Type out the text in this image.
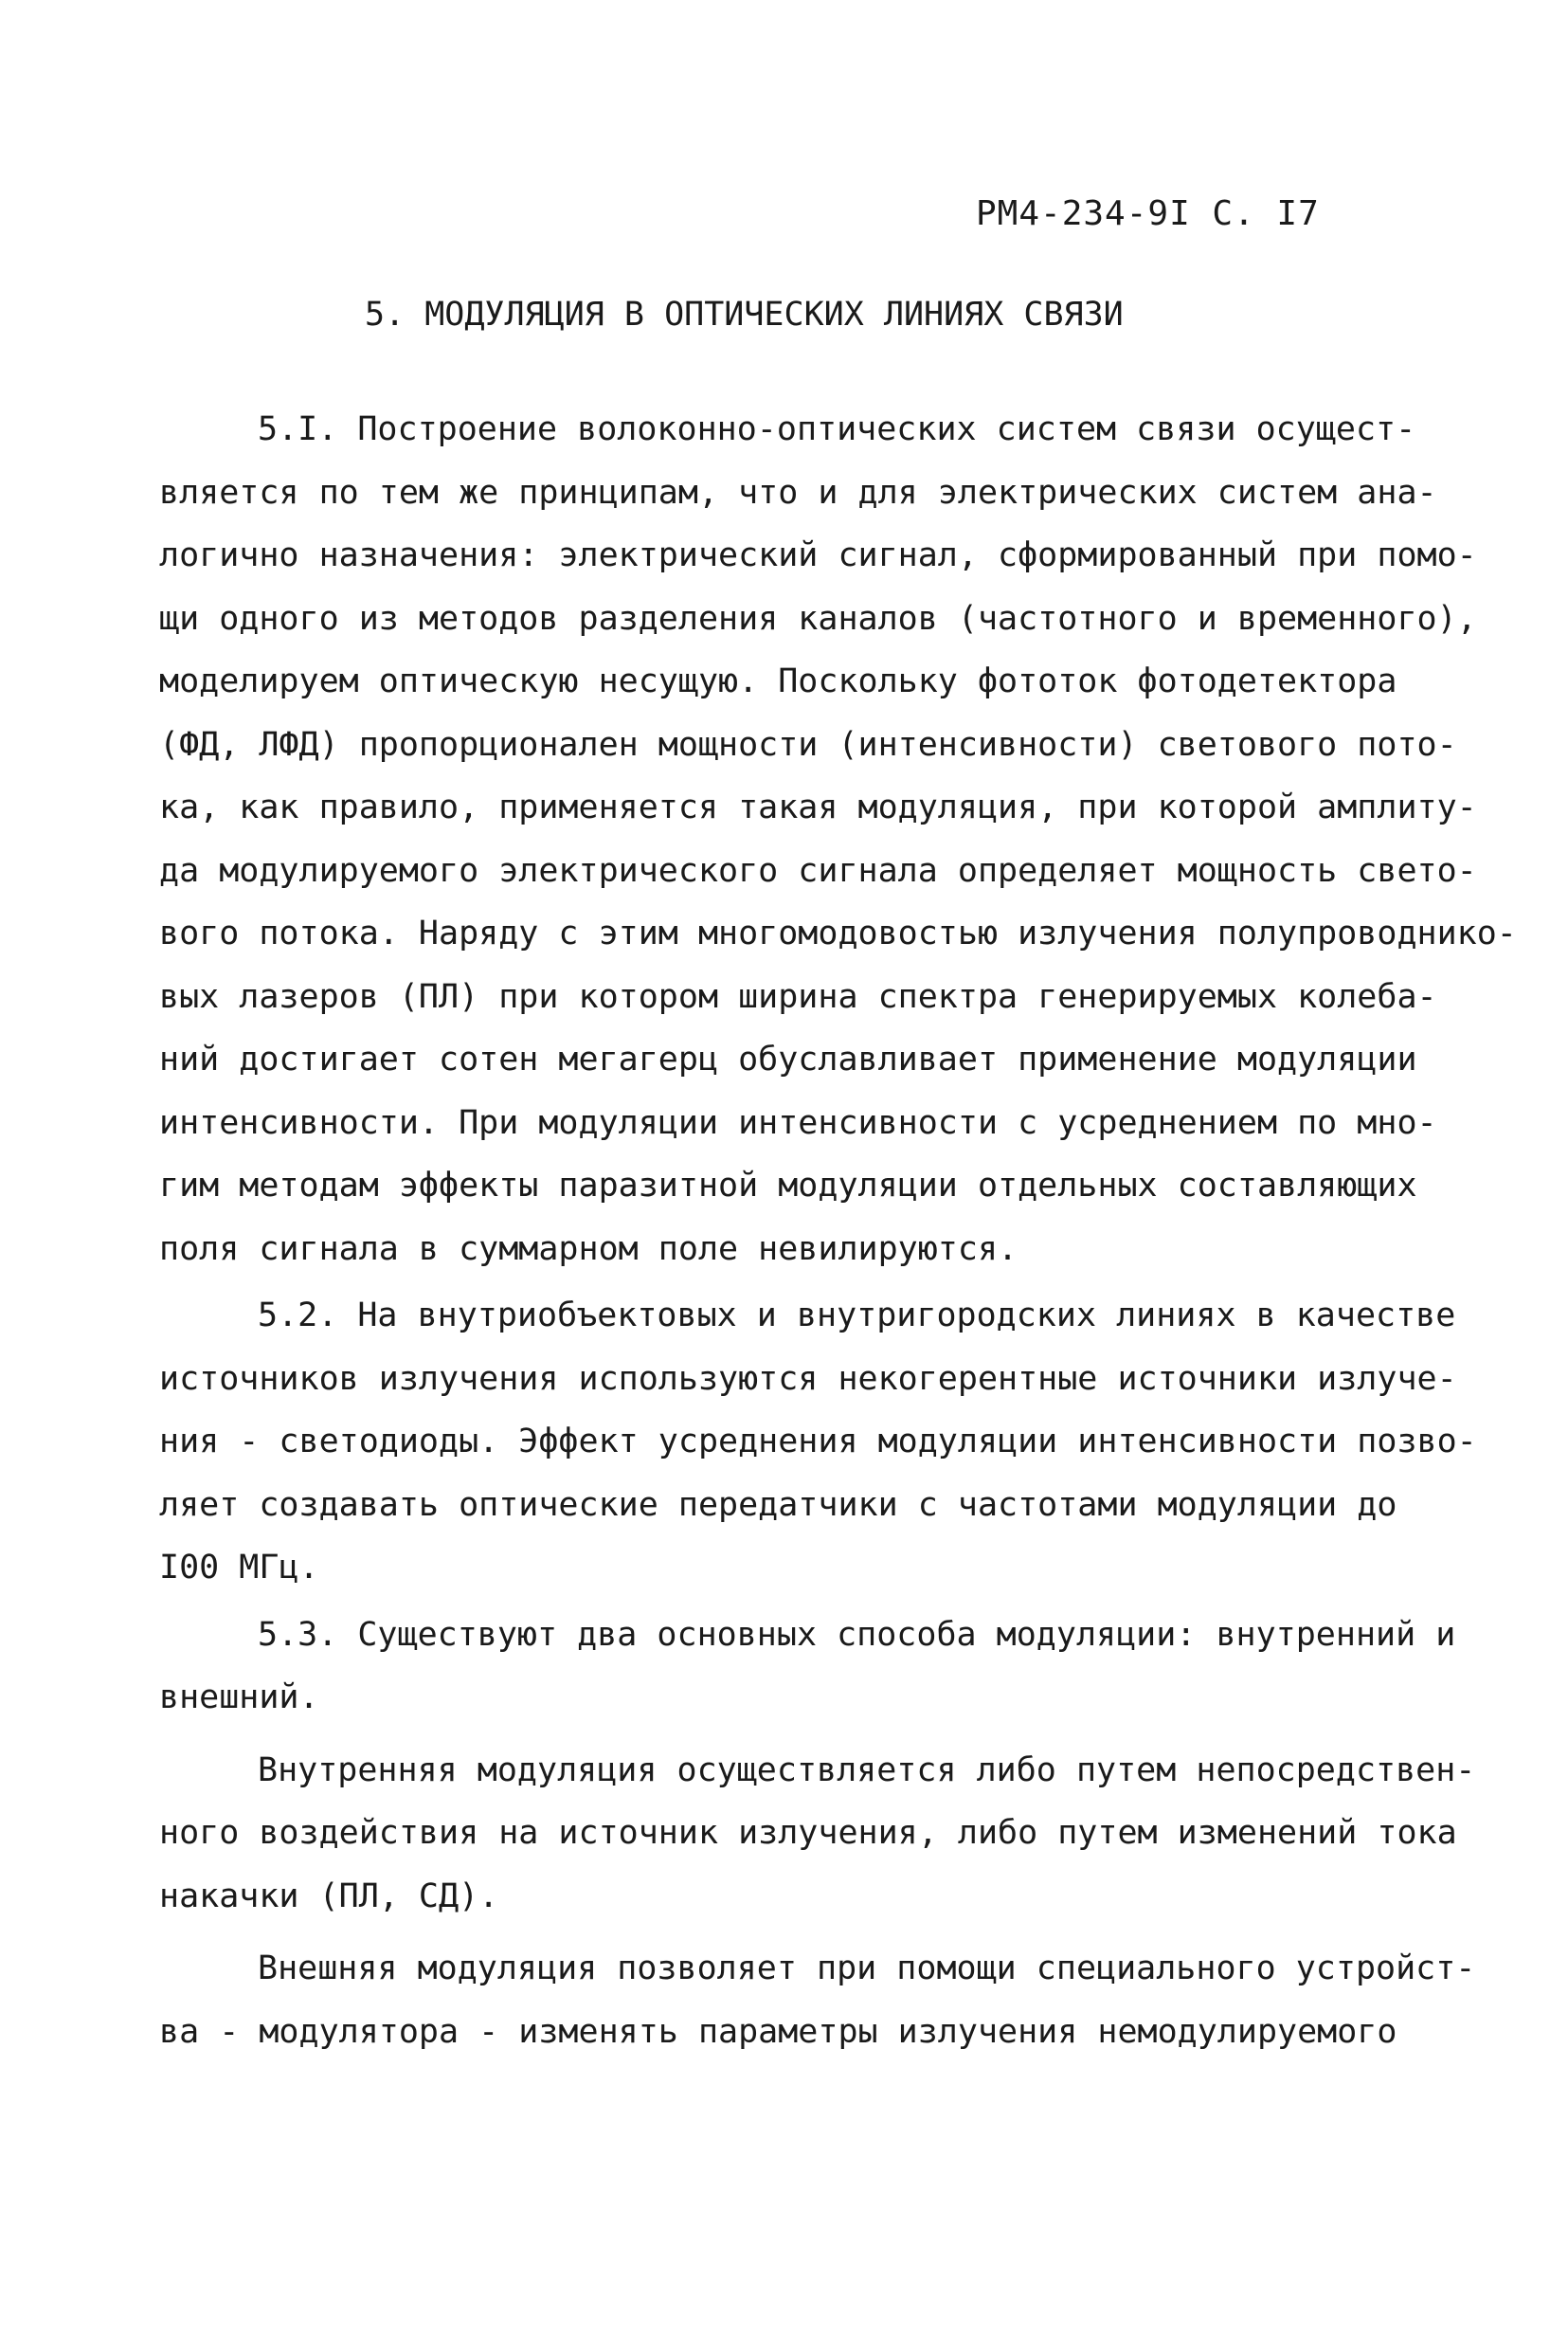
РМ4-234-9I С. I7
5. МОДУЛЯЦИЯ В ОПТИЧЕСКИХ ЛИНИЯХ СВЯЗИ
5.I. Построение волоконно-оптических систем связи осущест-
вляется по тем же принципам, что и для электрических систем ана-
логично назначения: электрический сигнал, сформированный при помо-
щи одного из методов разделения каналов (частотного и временного),
моделируем оптическую несущую. Поскольку фототок фотодетектора
(ФД, ЛФД) пропорционален мощности (интенсивности) светового пото-
ка, как правило, применяется такая модуляция, при которой амплиту-
да модулируемого электрического сигнала определяет мощность свето-
вого потока. Наряду с этим многомодовостью излучения полупроводнико-
вых лазеров (ПЛ) при котором ширина спектра генерируемых колеба-
ний достигает сотен мегагерц обуславливает применение модуляции
интенсивности. При модуляции интенсивности с усреднением по мно-
гим методам эффекты паразитной модуляции отдельных составляющих
поля сигнала в суммарном поле невилируются.
5.2. На внутриобъектовых и внутригородских линиях в качестве
источников излучения используются некогерентные источники излуче-
ния - светодиоды. Эффект усреднения модуляции интенсивности позво-
ляет создавать оптические передатчики с частотами модуляции до
I00 МГц.
5.3. Существуют два основных способа модуляции: внутренний и
внешний.
Внутренняя модуляция осуществляется либо путем непосредствен-
ного воздействия на источник излучения, либо путем изменений тока
накачки (ПЛ, СД).
Внешняя модуляция позволяет при помощи специального устройст-
ва - модулятора - изменять параметры излучения немодулируемого
